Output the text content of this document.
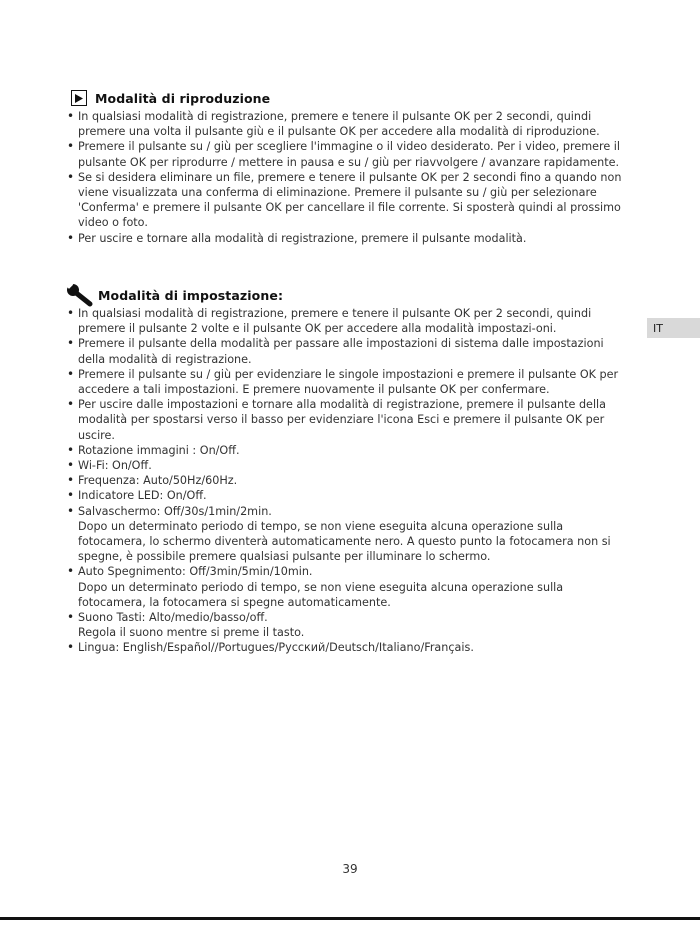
Modalità di riproduzione
• In qualsiasi modalità di registrazione, premere e tenere il pulsante OK per 2 secondi, quindi premere una volta il pulsante giù e il pulsante OK per accedere alla modalità di riproduzione.
• Premere il pulsante su / giù per scegliere l'immagine o il video desiderato. Per i video, premere il pulsante OK per riprodurre / mettere in pausa e su / giù per riavvolgere / avanzare rapidamente.
• Se si desidera eliminare un file, premere e tenere il pulsante OK per 2 secondi fino a quando non viene visualizzata una conferma di eliminazione. Premere il pulsante su / giù per selezionare 'Conferma' e premere il pulsante OK per cancellare il file corrente. Si sposterà quindi al prossimo video o foto.
• Per uscire e tornare alla modalità di registrazione, premere il pulsante modalità.
Modalità di impostazione:
• In qualsiasi modalità di registrazione, premere e tenere il pulsante OK per 2 secondi, quindi premere il pulsante 2 volte e il pulsante OK per accedere alla modalità impostazi-oni.
• Premere il pulsante della modalità per passare alle impostazioni di sistema dalle impostazioni della modalità di registrazione.
• Premere il pulsante su / giù per evidenziare le singole impostazioni e premere il pulsante OK per accedere a tali impostazioni. E premere nuovamente il pulsante OK per confermare.
• Per uscire dalle impostazioni e tornare alla modalità di registrazione, premere il pulsante della modalità per spostarsi verso il basso per evidenziare l'icona Esci e premere il pulsante OK per uscire.
• Rotazione immagini : On/Off.
• Wi-Fi: On/Off.
• Frequenza: Auto/50Hz/60Hz.
• Indicatore LED: On/Off.
• Salvaschermo: Off/30s/1min/2min.
Dopo un determinato periodo di tempo, se non viene eseguita alcuna operazione sulla fotocamera, lo schermo diventerà automaticamente nero. A questo punto la fotocamera non si spegne, è possibile premere qualsiasi pulsante per illuminare lo schermo.
• Auto Spegnimento: Off/3min/5min/10min.
Dopo un determinato periodo di tempo, se non viene eseguita alcuna operazione sulla fotocamera, la fotocamera si spegne automaticamente.
• Suono Tasti: Alto/medio/basso/off.
Regola il suono mentre si preme il tasto.
• Lingua: English/Español//Portugues/Русский/Deutsch/Italiano/Français.
IT
39
